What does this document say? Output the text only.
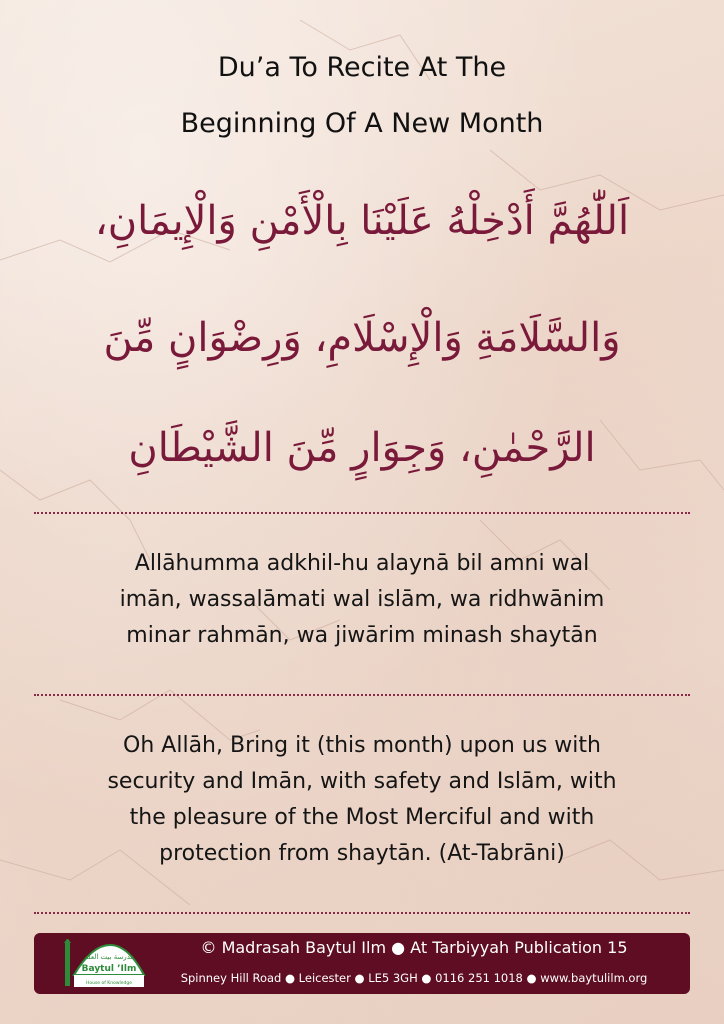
Du’a To Recite At The
Beginning Of A New Month
اَللّٰهُمَّ أَدْخِلْهُ عَلَيْنَا بِالْأَمْنِ وَالْإِيمَانِ،
وَالسَّلَامَةِ وَالْإِسْلَامِ، وَرِضْوَانٍ مِّنَ
الرَّحْمٰنِ، وَجِوَارٍ مِّنَ الشَّيْطَانِ
Allāhumma adkhil-hu alaynā bil amni wal
imān, wassalāmati wal islām, wa ridhwānim
minar rahmān, wa jiwārim minash shaytān
Oh Allāh, Bring it (this month) upon us with
security and Imān, with safety and Islām, with
the pleasure of the Most Merciful and with
protection from shaytān. (At-Tabrāni)
مدرسة بيت العلم
Baytul ’Ilm
House of Knowledge
© Madrasah Baytul Ilm ● At Tarbiyyah Publication 15
Spinney Hill Road ● Leicester ● LE5 3GH ● 0116 251 1018 ● www.baytulilm.org
